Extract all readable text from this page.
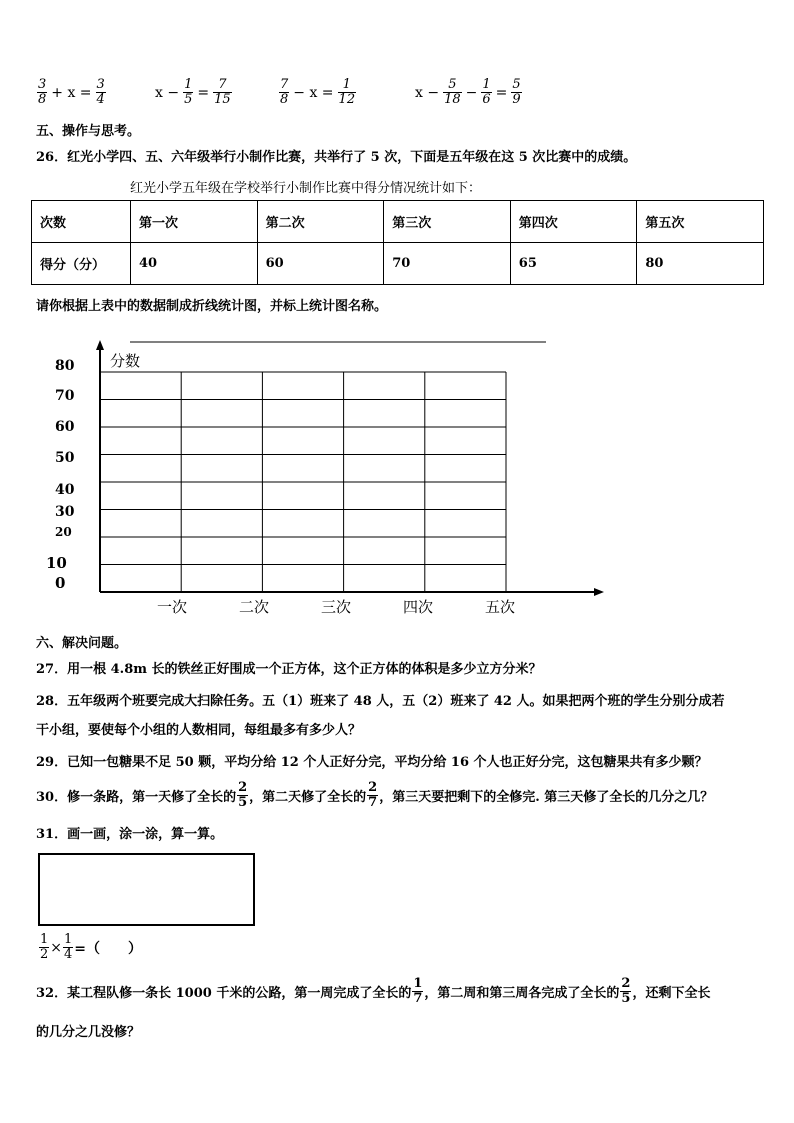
$\frac{3}{8} + x = \frac{3}{4}$	$x - \frac{1}{5} = \frac{7}{15}$	$\frac{7}{8} - x = \frac{1}{12}$	$x - \frac{5}{18} - \frac{1}{6} = \frac{5}{9}$
五、操作与思考。
26．红光小学四、五、六年级举行小制作比赛，共举行了 5 次，下面是五年级在这 5 次比赛中的成绩。
红光小学五年级在学校举行小制作比赛中得分情况统计如下：
次数	第一次	第二次	第三次	第四次	第五次
得分（分）	40	60	70	65	80
请你根据上表中的数据制成折线统计图，并标上统计图名称。
分数
80
70
60
50
40
30
20
10
0
一次	二次	三次	四次	五次
六、解决问题。
27．用一根 4.8m 长的铁丝正好围成一个正方体，这个正方体的体积是多少立方分米？
28．五年级两个班要完成大扫除任务。五（1）班来了 48 人，五（2）班来了 42 人。如果把两个班的学生分别分成若
干小组，要使每个小组的人数相同，每组最多有多少人？
29．已知一包糖果不足 50 颗，平均分给 12 个人正好分完，平均分给 16 个人也正好分完，这包糖果共有多少颗？
30．修一条路，第一天修了全长的 $\frac{2}{5}$ ，第二天修了全长的 $\frac{2}{7}$ ，第三天要把剩下的全修完. 第三天修了全长的几分之几？
31．画一画，涂一涂，算一算。
$\frac{1}{2} \times \frac{1}{4}$ =（　　）
32．某工程队修一条长 1000 千米的公路，第一周完成了全长的 $\frac{1}{7}$ ，第二周和第三周各完成了全长的 $\frac{2}{5}$ ，还剩下全长
的几分之几没修？
